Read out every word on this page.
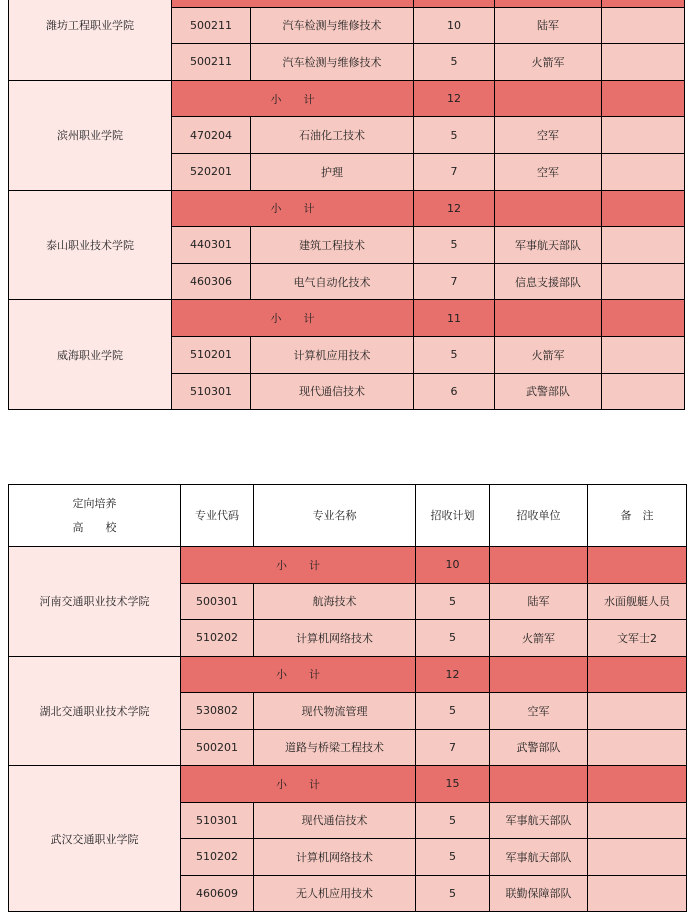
潍坊工程职业学院				
	500211	汽车检测与维修技术	10	陆军	
	500211	汽车检测与维修技术	5	火箭军	
滨州职业学院	小　　计		12		
	470204	石油化工技术	5	空军	
	520201	护理	7	空军	
泰山职业技术学院	小　　计		12		
	440301	建筑工程技术	5	军事航天部队	
	460306	电气自动化技术	7	信息支援部队	
威海职业学院	小　　计		11		
	510201	计算机应用技术	5	火箭军	
	510301	现代通信技术	6	武警部队	
定向培养
高　　校	专业代码	专业名称	招收计划	招收单位	备　注
河南交通职业技术学院	小　　计		10		
	500301	航海技术	5	陆军	水面舰艇人员
	510202	计算机网络技术	5	火箭军	文军士2
湖北交通职业技术学院	小　　计		12		
	530802	现代物流管理	5	空军	
	500201	道路与桥梁工程技术	7	武警部队	
武汉交通职业学院	小　　计		15		
	510301	现代通信技术	5	军事航天部队	
	510202	计算机网络技术	5	军事航天部队	
	460609	无人机应用技术	5	联勤保障部队	
